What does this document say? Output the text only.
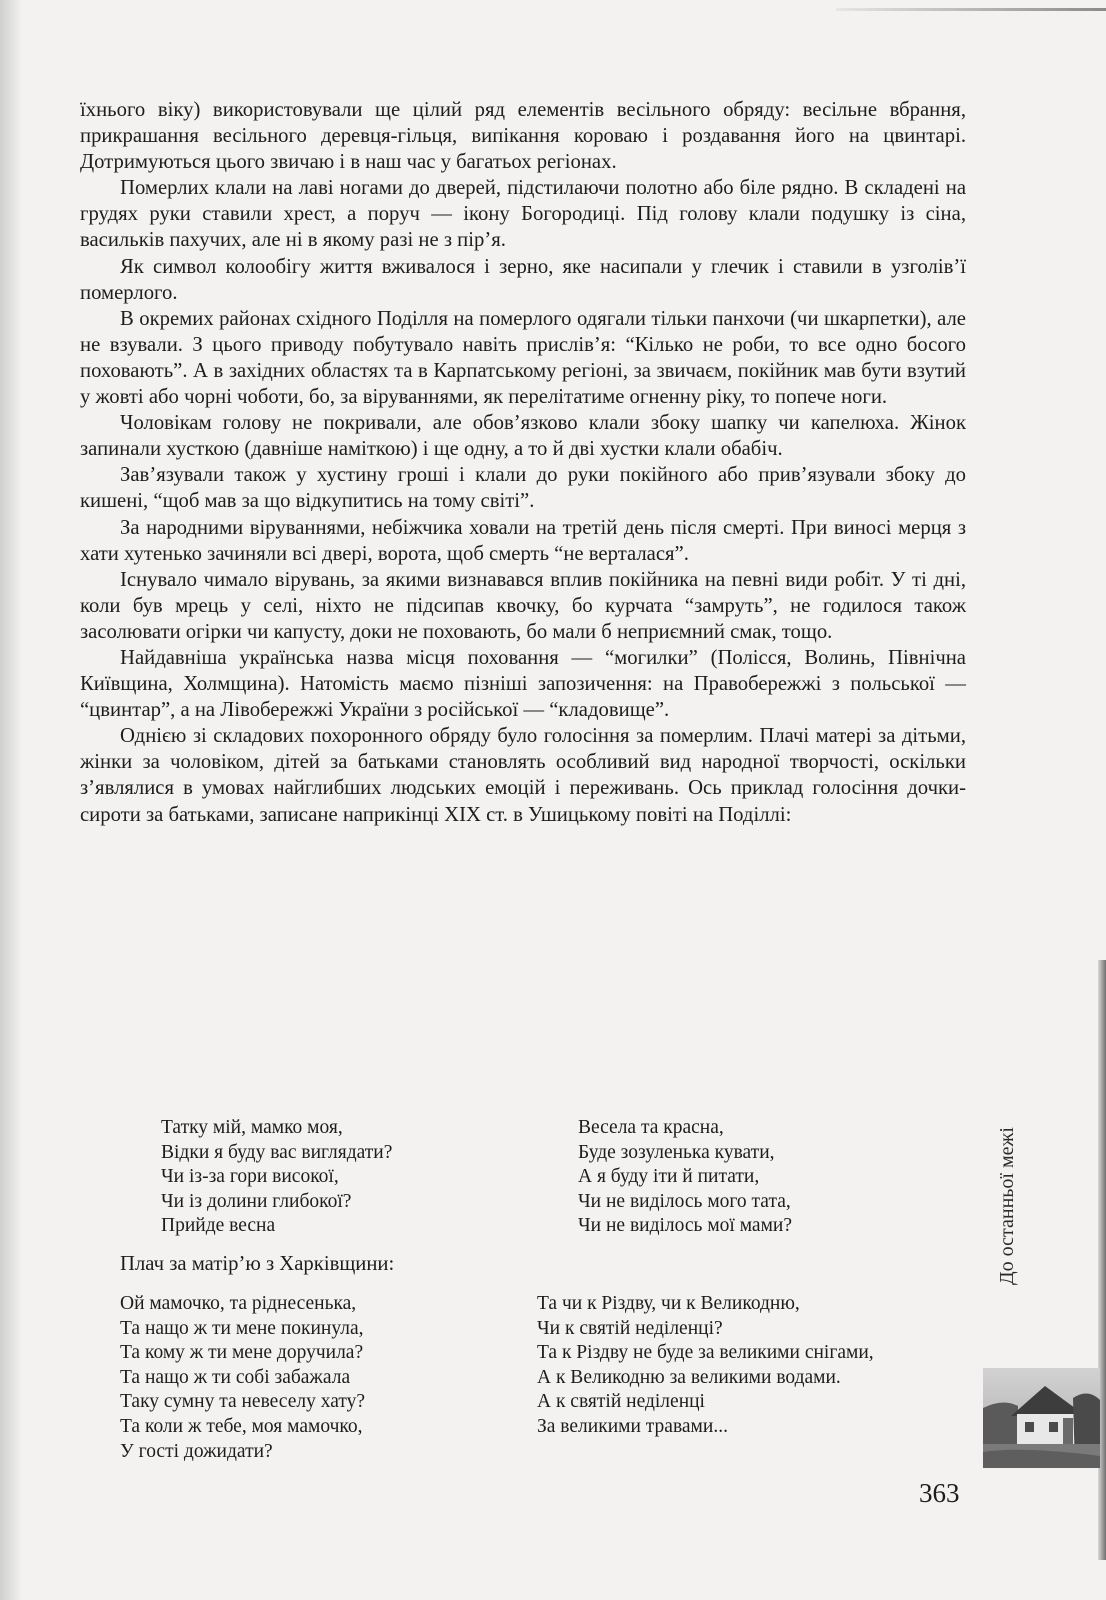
їхнього віку) використовували ще цілий ряд елементів весільного обряду: весільне вбрання, прикрашання весільного деревця-гільця, випікання короваю і роздавання його на цвинтарі. Дотримуються цього звичаю і в наш час у багатьох регіонах.

Померлих клали на лаві ногами до дверей, підстилаючи полотно або біле рядно. В складені на грудях руки ставили хрест, а поруч — ікону Богородиці. Під голову клали подушку із сіна, васильків пахучих, але ні в якому разі не з пір’я.

Як символ колообігу життя вживалося і зерно, яке насипали у глечик і ставили в узголів’ї померлого.

В окремих районах східного Поділля на померлого одягали тільки панхочи (чи шкарпетки), але не взували. З цього приводу побутувало навіть прислів’я: “Кілько не роби, то все одно босого поховають”. А в західних областях та в Карпатському регіоні, за звичаєм, покійник мав бути взутий у жовті або чорні чоботи, бо, за віруваннями, як перелітатиме огненну ріку, то попече ноги.

Чоловікам голову не покривали, але обов’язково клали збоку шапку чи капелюха. Жінок запинали хусткою (давніше наміткою) і ще одну, а то й дві хустки клали обабіч.

Зав’язували також у хустину гроші і клали до руки покійного або прив’язували збоку до кишені, “щоб мав за що відкупитись на тому світі”.

За народними віруваннями, небіжчика ховали на третій день після смерті. При виносі мерця з хати хутенько зачиняли всі двері, ворота, щоб смерть “не верталася”.

Існувало чимало вірувань, за якими визнавався вплив покійника на певні види робіт. У ті дні, коли був мрець у селі, ніхто не підсипав квочку, бо курчата “замруть”, не годилося також засолювати огірки чи капусту, доки не поховають, бо мали б неприємний смак, тощо.

Найдавніша українська назва місця поховання — “могилки” (Полісся, Волинь, Північна Київщина, Холмщина). Натомість маємо пізніші запозичення: на Правобережжі з польської — “цвинтар”, а на Лівобережжі України з російської — “кладовище”.

Однією зі складових похоронного обряду було голосіння за померлим. Плачі матері за дітьми, жінки за чоловіком, дітей за батьками становлять особливий вид народної творчості, оскільки з’являлися в умовах найглибших людських емоцій і переживань. Ось приклад голосіння дочки-сироти за батьками, записане наприкінці XIX ст. в Ушицькому повіті на Поділлі:

Татку мій, мамко моя,
Відки я буду вас виглядати?
Чи із-за гори високої,
Чи із долини глибокої?
Прийде весна
Весела та красна,
Буде зозуленька кувати,
А я буду іти й питати,
Чи не виділось мого тата,
Чи не виділось мої мами?
Плач за матір’ю з Харківщини:
Ой мамочко, та ріднесенька,
Та нащо ж ти мене покинула,
Та кому ж ти мене доручила?
Та нащо ж ти собі забажала
Таку сумну та невеселу хату?
Та коли ж тебе, моя мамочко,
У гості дожидати?
Та чи к Різдву, чи к Великодню,
Чи к святій неділенці?
Та к Різдву не буде за великими снігами,
А к Великодню за великими водами.
А к святій неділенці
За великими травами...
До останньої межі
363
